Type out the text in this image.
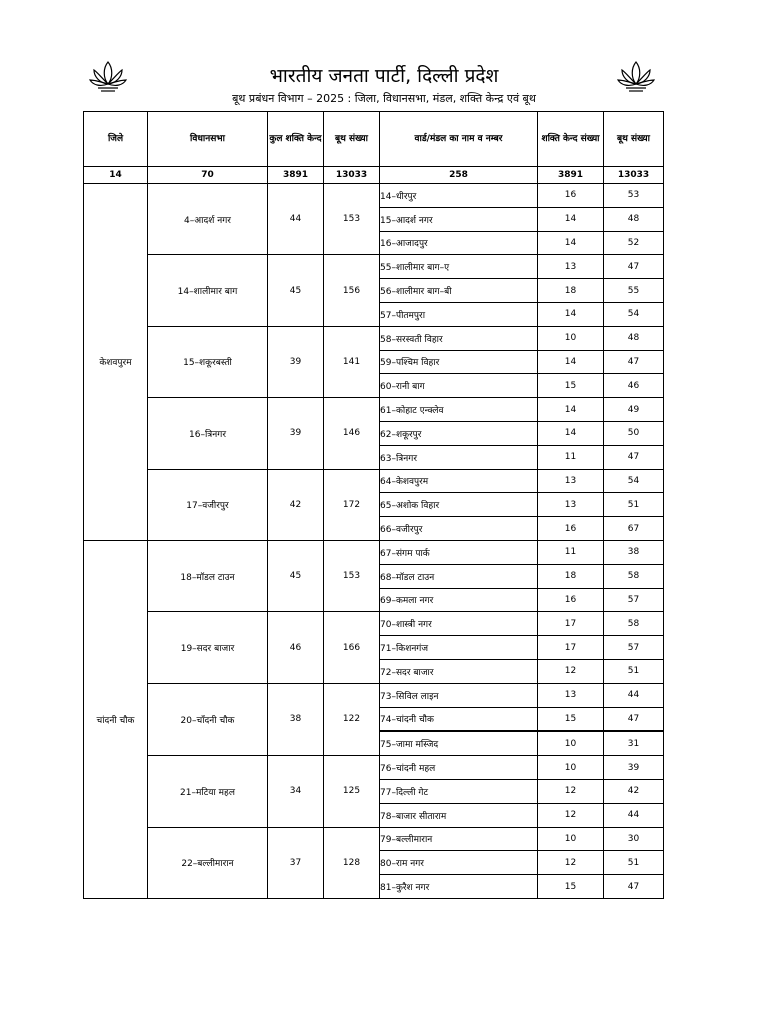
भारतीय जनता पार्टी, दिल्ली प्रदेश
बूथ प्रबंधन विभाग – 2025 : जिला, विधानसभा, मंडल, शक्ति केन्द्र एवं बूथ
जिले	विधानसभा	कुल शक्ति केन्द	बूथ संख्या	वार्ड/मंडल का नाम व नम्बर	शक्ति केन्द संख्या	बूथ संख्या
14	70	3891	13033	258	3891	13033
केशवपुरम	4–आदर्श नगर	44	153	14–धीरपुर	16	53
				15–आदर्श नगर	14	48
				16–आजादपुर	14	52
	14–शालीमार बाग	45	156	55–शालीमार बाग–ए	13	47
				56–शालीमार बाग–बी	18	55
				57–पीतमपुरा	14	54
	15–शकूरबस्ती	39	141	58–सरस्वती विहार	10	48
				59–पश्चिम विहार	14	47
				60–रानी बाग	15	46
	16–त्रिनगर	39	146	61–कोहाट एन्क्लेव	14	49
				62–शकूरपुर	14	50
				63–त्रिनगर	11	47
	17–वजीरपुर	42	172	64–केशवपुरम	13	54
				65–अशोक विहार	13	51
				66–वजीरपुर	16	67
चांदनी चौक	18–मॉडल टाउन	45	153	67–संगम पार्क	11	38
				68–मॉडल टाउन	18	58
				69–कमला नगर	16	57
	19–सदर बाजार	46	166	70–शास्त्री नगर	17	58
				71–किशनगंज	17	57
				72–सदर बाजार	12	51
	20–चाँदनी चौक	38	122	73–सिविल लाइन	13	44
				74–चांदनी चौक	15	47
				75–जामा मस्जिद	10	31
	21–मटिया महल	34	125	76–चांदनी महल	10	39
				77–दिल्ली गेट	12	42
				78–बाजार सीताराम	12	44
	22–बल्लीमारान	37	128	79–बल्लीमारान	10	30
				80–राम नगर	12	51
				81–कुरैश नगर	15	47
